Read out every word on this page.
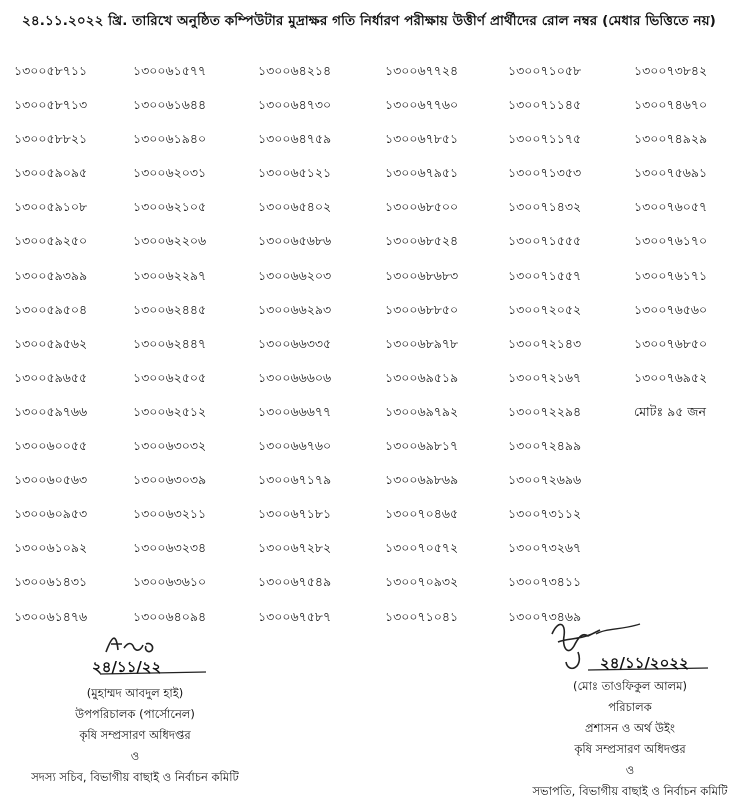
২৪.১১.২০২২ খ্রি. তারিখে অনুষ্ঠিত কম্পিউটার মুদ্রাক্ষর গতি নির্ধারণ পরীক্ষায় উত্তীর্ণ প্রার্থীদের রোল নম্বর (মেধার ভিত্তিতে নয়)
১৩০০৫৮৭১১
১৩০০৫৮৭১৩
১৩০০৫৮৮২১
১৩০০৫৯০৯৫
১৩০০৫৯১০৮
১৩০০৫৯২৫০
১৩০০৫৯৩৯৯
১৩০০৫৯৫০৪
১৩০০৫৯৫৬২
১৩০০৫৯৬৫৫
১৩০০৫৯৭৬৬
১৩০০৬০০৫৫
১৩০০৬০৫৬৩
১৩০০৬০৯৫৩
১৩০০৬১০৯২
১৩০০৬১৪৩১
১৩০০৬১৪৭৬
১৩০০৬১৫৭৭
১৩০০৬১৬৪৪
১৩০০৬১৯৪০
১৩০০৬২০৩১
১৩০০৬২১০৫
১৩০০৬২২০৬
১৩০০৬২২৯৭
১৩০০৬২৪৪৫
১৩০০৬২৪৪৭
১৩০০৬২৫০৫
১৩০০৬২৫১২
১৩০০৬৩০৩২
১৩০০৬৩০৩৯
১৩০০৬৩২১১
১৩০০৬৩২৩৪
১৩০০৬৩৬১০
১৩০০৬৪০৯৪
১৩০০৬৪২১৪
১৩০০৬৪৭৩০
১৩০০৬৪৭৫৯
১৩০০৬৫১২১
১৩০০৬৫৪০২
১৩০০৬৫৬৮৬
১৩০০৬৬২০৩
১৩০০৬৬২৯৩
১৩০০৬৬৩৩৫
১৩০০৬৬৬০৬
১৩০০৬৬৬৭৭
১৩০০৬৬৭৬০
১৩০০৬৭১৭৯
১৩০০৬৭১৮১
১৩০০৬৭২৮২
১৩০০৬৭৫৪৯
১৩০০৬৭৫৮৭
১৩০০৬৭৭২৪
১৩০০৬৭৭৬০
১৩০০৬৭৮৫১
১৩০০৬৭৯৫১
১৩০০৬৮৫০০
১৩০০৬৮৫২৪
১৩০০৬৮৬৮৩
১৩০০৬৮৮৫০
১৩০০৬৮৯৭৮
১৩০০৬৯৫১৯
১৩০০৬৯৭৯২
১৩০০৬৯৮১৭
১৩০০৬৯৮৬৯
১৩০০৭০৪৬৫
১৩০০৭০৫৭২
১৩০০৭০৯৩২
১৩০০৭১০৪১
১৩০০৭১০৫৮
১৩০০৭১১৪৫
১৩০০৭১১৭৫
১৩০০৭১৩৫৩
১৩০০৭১৪৩২
১৩০০৭১৫৫৫
১৩০০৭১৫৫৭
১৩০০৭২০৫২
১৩০০৭২১৪৩
১৩০০৭২১৬৭
১৩০০৭২২৯৪
১৩০০৭২৪৯৯
১৩০০৭২৬৯৬
১৩০০৭৩১১২
১৩০০৭৩২৬৭
১৩০০৭৩৪১১
১৩০০৭৩৪৬৯
১৩০০৭৩৮৪২
১৩০০৭৪৬৭০
১৩০০৭৪৯২৯
১৩০০৭৫৬৯১
১৩০০৭৬০৫৭
১৩০০৭৬১৭০
১৩০০৭৬১৭১
১৩০০৭৬৫৬০
১৩০০৭৬৮৫০
১৩০০৭৬৯৫২
মোটঃ ৯৫ জন
২৪/১১/২২	২৪/১১/২০২২
(মুহাম্মদ আবদুল হাই)
উপপরিচালক (পার্সোনেল)
কৃষি সম্প্রসারণ অধিদপ্তর
ও
সদস্য সচিব, বিভাগীয় বাছাই ও নির্বাচন কমিটি
(মোঃ তাওফিকুল আলম)
পরিচালক
প্রশাসন ও অর্থ উইং
কৃষি সম্প্রসারণ অধিদপ্তর
ও
সভাপতি, বিভাগীয় বাছাই ও নির্বাচন কমিটি
